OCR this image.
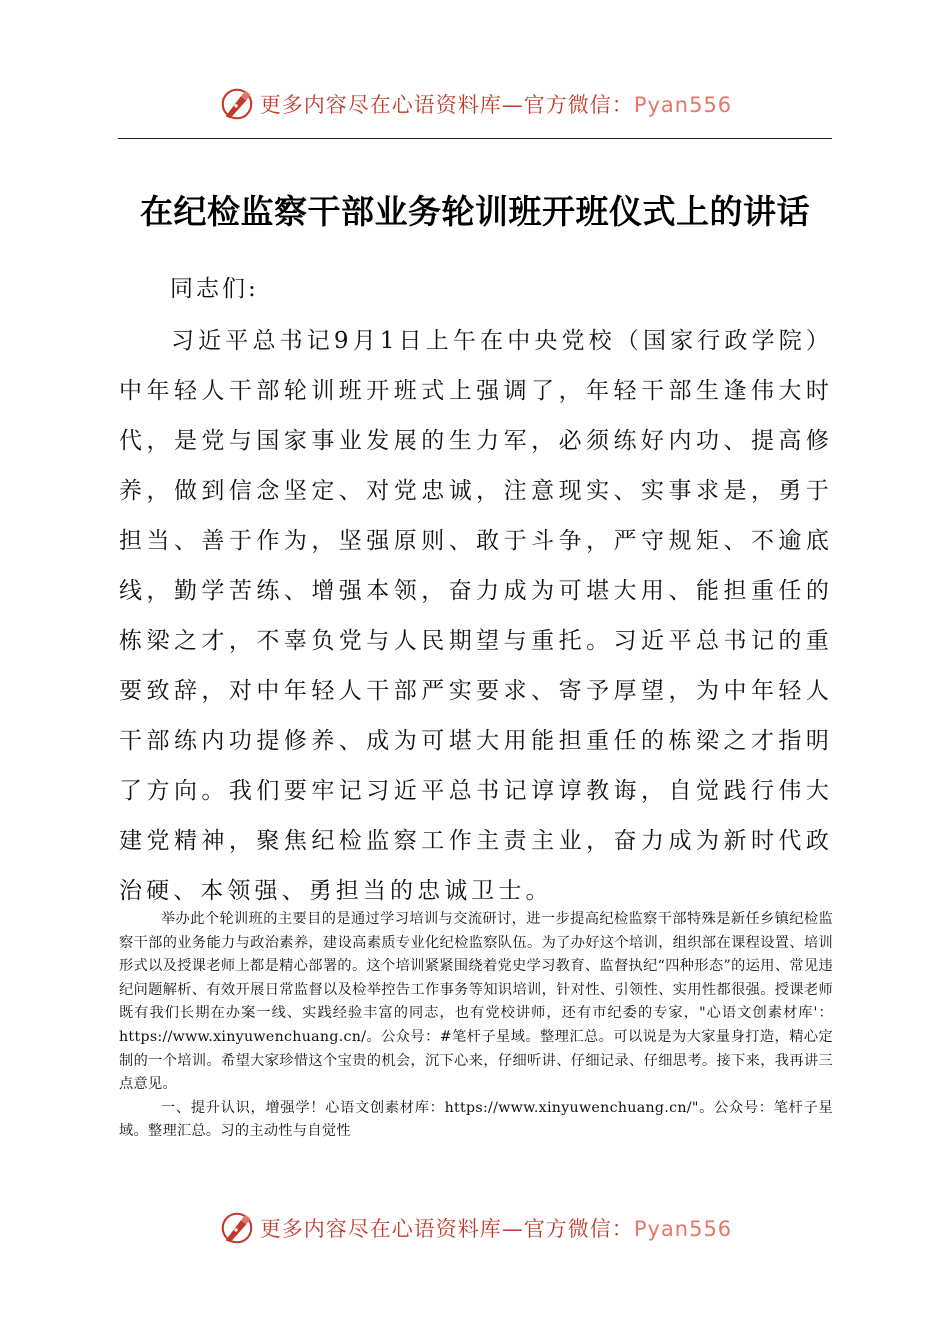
更多内容尽在心语资料库—官方微信：Pyan556
在纪检监察干部业务轮训班开班仪式上的讲话
同志们:

习近平总书记9月1日上午在中央党校（国家行政学院）中年轻人干部轮训班开班式上强调了，年轻干部生逢伟大时代，是党与国家事业发展的生力军，必须练好内功、提高修养，做到信念坚定、对党忠诚，注意现实、实事求是，勇于担当、善于作为，坚强原则、敢于斗争，严守规矩、不逾底线，勤学苦练、增强本领，奋力成为可堪大用、能担重任的栋梁之才，不辜负党与人民期望与重托。习近平总书记的重要致辞，对中年轻人干部严实要求、寄予厚望，为中年轻人干部练内功提修养、成为可堪大用能担重任的栋梁之才指明了方向。我们要牢记习近平总书记谆谆教诲，自觉践行伟大建党精神，聚焦纪检监察工作主责主业，奋力成为新时代政治硬、本领强、勇担当的忠诚卫士。

举办此个轮训班的主要目的是通过学习培训与交流研讨，进一步提高纪检监察干部特殊是新任乡镇纪检监察干部的业务能力与政治素养，建设高素质专业化纪检监察队伍。为了办好这个培训，组织部在课程设置、培训形式以及授课老师上都是精心部署的。这个培训紧紧围绕着党史学习教育、监督执纪“四种形态”的运用、常见违纪问题解析、有效开展日常监督以及检举控告工作事务等知识培训，针对性、引领性、实用性都很强。授课老师既有我们长期在办案一线、实践经验丰富的同志，也有党校讲师，还有市纪委的专家，"心语文创素材库'：https://www.xinyuwenchuang.cn/。公众号：#笔杆子星域。整理汇总。可以说是为大家量身打造，精心定制的一个培训。希望大家珍惜这个宝贵的机会，沉下心来，仔细听讲、仔细记录、仔细思考。接下来，我再讲三点意见。

一、提升认识，增强学！心语文创素材库：https://www.xinyuwenchuang.cn/"。公众号：笔杆子星域。整理汇总。习的主动性与自觉性

更多内容尽在心语资料库—官方微信：Pyan556
